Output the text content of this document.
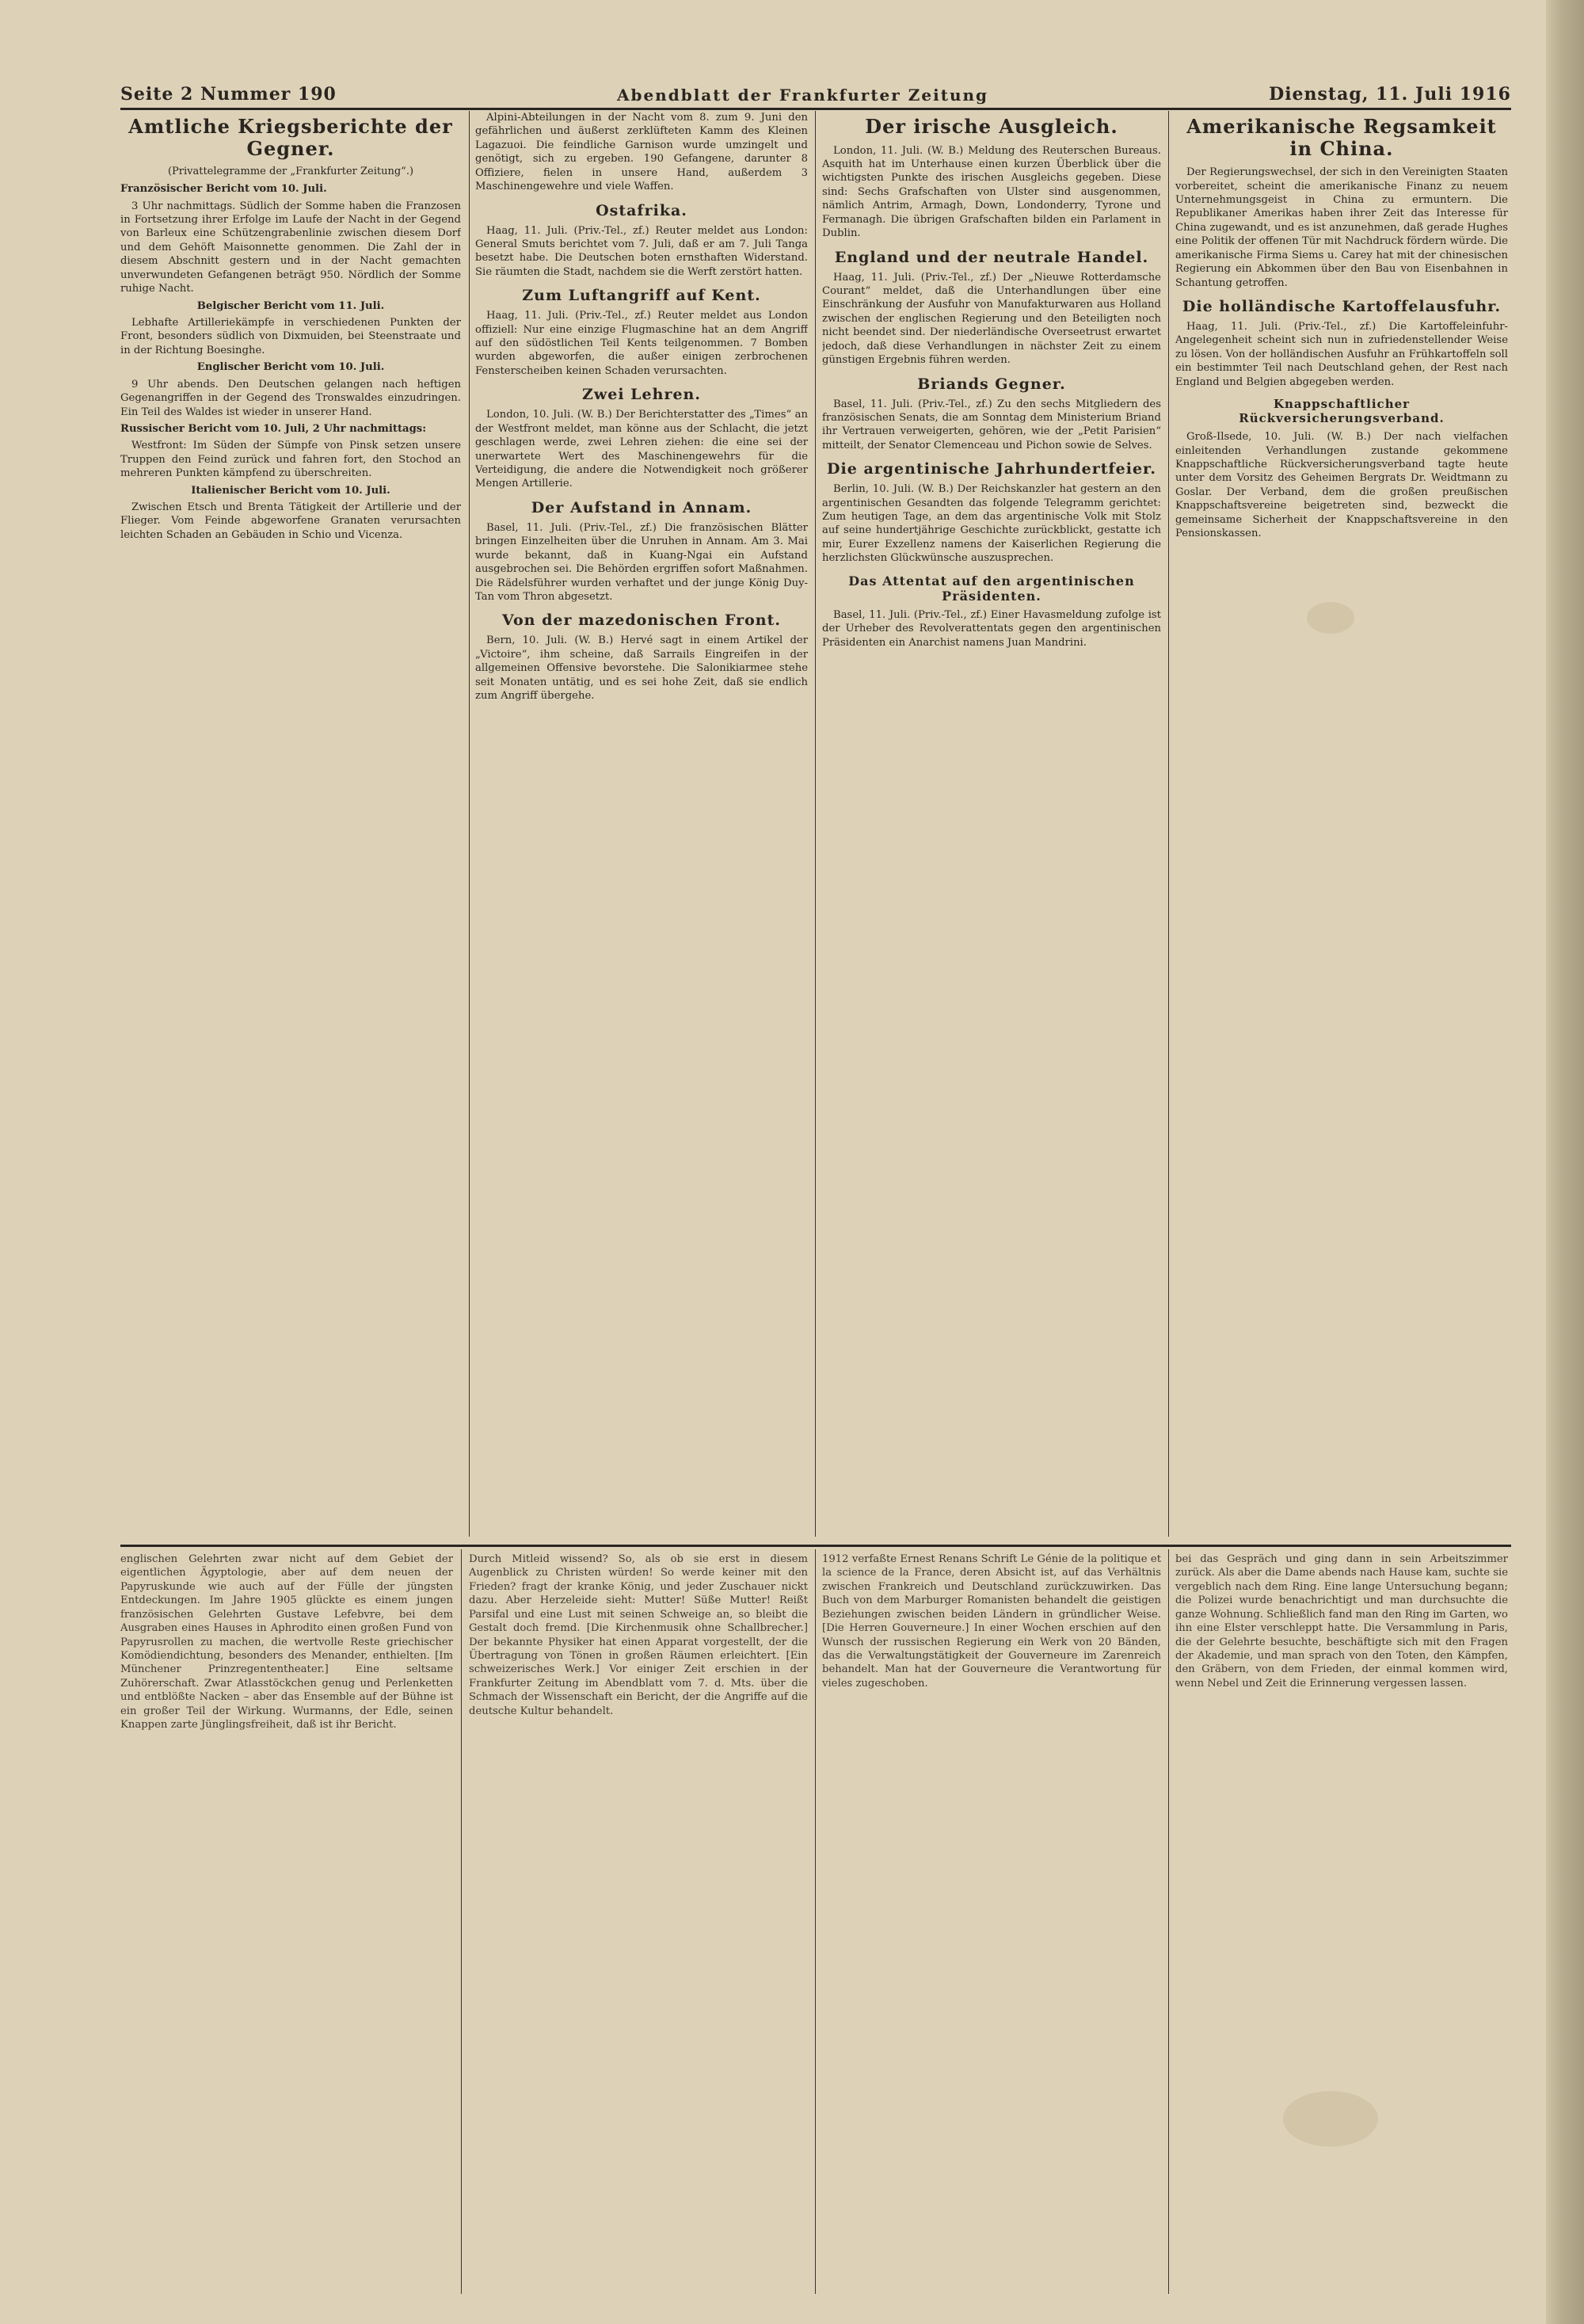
Seite 2 Nummer 190	Abendblatt der Frankfurter Zeitung	Dienstag, 11. Juli 1916
Amtliche Kriegsberichte der Gegner.
(Privattelegramme der „Frankfurter Zeitung“.)

Französischer Bericht vom 10. Juli.

3 Uhr nachmittags. Südlich der Somme haben die Franzosen in Fortsetzung ihrer Erfolge im Laufe der Nacht in der Gegend von Barleux eine Schützengrabenlinie zwischen diesem Dorf und dem Gehöft Maisonnette genommen. Die Zahl der in diesem Abschnitt gestern und in der Nacht gemachten unverwundeten Gefangenen beträgt 950. Nördlich der Somme ruhige Nacht.

Belgischer Bericht vom 11. Juli.

Lebhafte Artilleriekämpfe in verschiedenen Punkten der Front, besonders südlich von Dixmuiden, bei Steenstraate und in der Richtung Boesinghe.

Englischer Bericht vom 10. Juli.

9 Uhr abends. Den Deutschen gelangen nach heftigen Gegenangriffen in der Gegend des Tronswaldes einzudringen. Ein Teil des Waldes ist wieder in unserer Hand.

Russischer Bericht vom 10. Juli, 2 Uhr nachmittags:

Westfront: Im Süden der Sümpfe von Pinsk setzen unsere Truppen den Feind zurück und fahren fort, den Stochod an mehreren Punkten kämpfend zu überschreiten.

Italienischer Bericht vom 10. Juli.

Zwischen Etsch und Brenta Tätigkeit der Artillerie und der Flieger. Vom Feinde abgeworfene Granaten verursachten leichten Schaden an Gebäuden in Schio und Vicenza.

Alpini-Abteilungen in der Nacht vom 8. zum 9. Juni den gefährlichen und äußerst zerklüfteten Kamm des Kleinen Lagazuoi. Die feindliche Garnison wurde umzingelt und genötigt, sich zu ergeben. 190 Gefangene, darunter 8 Offiziere, fielen in unsere Hand, außerdem 3 Maschinengewehre und viele Waffen.

Ostafrika.

Haag, 11. Juli. (Priv.-Tel., zf.) Reuter meldet aus London: General Smuts berichtet vom 7. Juli, daß er am 7. Juli Tanga besetzt habe. Die Deutschen boten ernsthaften Widerstand. Sie räumten die Stadt, nachdem sie die Werft zerstört hatten.

Zum Luftangriff auf Kent.

Haag, 11. Juli. (Priv.-Tel., zf.) Reuter meldet aus London offiziell: Nur eine einzige Flugmaschine hat an dem Angriff auf den südöstlichen Teil Kents teilgenommen. 7 Bomben wurden abgeworfen, die außer einigen zerbrochenen Fensterscheiben keinen Schaden verursachten.

Zwei Lehren.

London, 10. Juli. (W. B.) Der Berichterstatter des „Times“ an der Westfront meldet, man könne aus der Schlacht, die jetzt geschlagen werde, zwei Lehren ziehen: die eine sei der unerwartete Wert des Maschinengewehrs für die Verteidigung, die andere die Notwendigkeit noch größerer Mengen Artillerie.

Der Aufstand in Annam.

Basel, 11. Juli. (Priv.-Tel., zf.) Die französischen Blätter bringen Einzelheiten über die Unruhen in Annam. Am 3. Mai wurde bekannt, daß in Kuang-Ngai ein Aufstand ausgebrochen sei. Die Behörden ergriffen sofort Maßnahmen. Die Rädelsführer wurden verhaftet und der junge König Duy-Tan vom Thron abgesetzt.

Von der mazedonischen Front.

Bern, 10. Juli. (W. B.) Hervé sagt in einem Artikel der „Victoire“, ihm scheine, daß Sarrails Eingreifen in der allgemeinen Offensive bevorstehe. Die Salonikiarmee stehe seit Monaten untätig, und es sei hohe Zeit, daß sie endlich zum Angriff übergehe.

Der irische Ausgleich.

London, 11. Juli. (W. B.) Meldung des Reuterschen Bureaus. Asquith hat im Unterhause einen kurzen Überblick über die wichtigsten Punkte des irischen Ausgleichs gegeben. Diese sind: Sechs Grafschaften von Ulster sind ausgenommen, nämlich Antrim, Armagh, Down, Londonderry, Tyrone und Fermanagh. Die übrigen Grafschaften bilden ein Parlament in Dublin.

England und der neutrale Handel.

Haag, 11. Juli. (Priv.-Tel., zf.) Der „Nieuwe Rotterdamsche Courant“ meldet, daß die Unterhandlungen über eine Einschränkung der Ausfuhr von Manufakturwaren aus Holland zwischen der englischen Regierung und den Beteiligten noch nicht beendet sind. Der niederländische Overseetrust erwartet jedoch, daß diese Verhandlungen in nächster Zeit zu einem günstigen Ergebnis führen werden.

Briands Gegner.

Basel, 11. Juli. (Priv.-Tel., zf.) Zu den sechs Mitgliedern des französischen Senats, die am Sonntag dem Ministerium Briand ihr Vertrauen verweigerten, gehören, wie der „Petit Parisien“ mitteilt, der Senator Clemenceau und Pichon sowie de Selves.

Die argentinische Jahrhundertfeier.

Berlin, 10. Juli. (W. B.) Der Reichskanzler hat gestern an den argentinischen Gesandten das folgende Telegramm gerichtet: Zum heutigen Tage, an dem das argentinische Volk mit Stolz auf seine hundertjährige Geschichte zurückblickt, gestatte ich mir, Eurer Exzellenz namens der Kaiserlichen Regierung die herzlichsten Glückwünsche auszusprechen.

Das Attentat auf den argentinischen Präsidenten.

Basel, 11. Juli. (Priv.-Tel., zf.) Einer Havasmeldung zufolge ist der Urheber des Revolverattentats gegen den argentinischen Präsidenten ein Anarchist namens Juan Mandrini.

Amerikanische Regsamkeit in China.

Der Regierungswechsel, der sich in den Vereinigten Staaten vorbereitet, scheint die amerikanische Finanz zu neuem Unternehmungsgeist in China zu ermuntern. Die Republikaner Amerikas haben ihrer Zeit das Interesse für China zugewandt, und es ist anzunehmen, daß gerade Hughes eine Politik der offenen Tür mit Nachdruck fördern würde. Die amerikanische Firma Siems u. Carey hat mit der chinesischen Regierung ein Abkommen über den Bau von Eisenbahnen in Schantung getroffen.

Die holländische Kartoffelausfuhr.

Haag, 11. Juli. (Priv.-Tel., zf.) Die Kartoffeleinfuhr-Angelegenheit scheint sich nun in zufriedenstellender Weise zu lösen. Von der holländischen Ausfuhr an Frühkartoffeln soll ein bestimmter Teil nach Deutschland gehen, der Rest nach England und Belgien abgegeben werden.

Knappschaftlicher Rückversicherungsverband.

Groß-Ilsede, 10. Juli. (W. B.) Der nach vielfachen einleitenden Verhandlungen zustande gekommene Knappschaftliche Rückversicherungsverband tagte heute unter dem Vorsitz des Geheimen Bergrats Dr. Weidtmann zu Goslar. Der Verband, dem die großen preußischen Knappschaftsvereine beigetreten sind, bezweckt die gemeinsame Sicherheit der Knappschaftsvereine in den Pensionskassen.

englischen Gelehrten zwar nicht auf dem Gebiet der eigentlichen Ägyptologie, aber auf dem neuen der Papyruskunde wie auch auf der Fülle der jüngsten Entdeckungen. Im Jahre 1905 glückte es einem jungen französischen Gelehrten Gustave Lefebvre, bei dem Ausgraben eines Hauses in Aphrodito einen großen Fund von Papyrusrollen zu machen, die wertvolle Reste griechischer Komödiendichtung, besonders des Menander, enthielten. [Im Münchener Prinzregententheater.] Eine seltsame Zuhörerschaft. Zwar Atlasstöckchen genug und Perlenketten und entblößte Nacken – aber das Ensemble auf der Bühne ist ein großer Teil der Wirkung. Wurmanns, der Edle, seinen Knappen zarte Jünglingsfreiheit, daß ist ihr Bericht.
Durch Mitleid wissend? So, als ob sie erst in diesem Augenblick zu Christen würden! So werde keiner mit den Frieden? fragt der kranke König, und jeder Zuschauer nickt dazu. Aber Herzeleide sieht: Mutter! Süße Mutter! Reißt Parsifal und eine Lust mit seinen Schweige an, so bleibt die Gestalt doch fremd. [Die Kirchenmusik ohne Schallbrecher.] Der bekannte Physiker hat einen Apparat vorgestellt, der die Übertragung von Tönen in großen Räumen erleichtert. [Ein schweizerisches Werk.] Vor einiger Zeit erschien in der Frankfurter Zeitung im Abendblatt vom 7. d. Mts. über die Schmach der Wissenschaft ein Bericht, der die Angriffe auf die deutsche Kultur behandelt.
1912 verfaßte Ernest Renans Schrift Le Génie de la politique et la science de la France, deren Absicht ist, auf das Verhältnis zwischen Frankreich und Deutschland zurückzuwirken. Das Buch von dem Marburger Romanisten behandelt die geistigen Beziehungen zwischen beiden Ländern in gründlicher Weise. [Die Herren Gouverneure.] In einer Wochen erschien auf den Wunsch der russischen Regierung ein Werk von 20 Bänden, das die Verwaltungstätigkeit der Gouverneure im Zarenreich behandelt. Man hat der Gouverneure die Verantwortung für vieles zugeschoben.
bei das Gespräch und ging dann in sein Arbeitszimmer zurück. Als aber die Dame abends nach Hause kam, suchte sie vergeblich nach dem Ring. Eine lange Untersuchung begann; die Polizei wurde benachrichtigt und man durchsuchte die ganze Wohnung. Schließlich fand man den Ring im Garten, wo ihn eine Elster verschleppt hatte. Die Versammlung in Paris, die der Gelehrte besuchte, beschäftigte sich mit den Fragen der Akademie, und man sprach von den Toten, den Kämpfen, den Gräbern, von dem Frieden, der einmal kommen wird, wenn Nebel und Zeit die Erinnerung vergessen lassen.
